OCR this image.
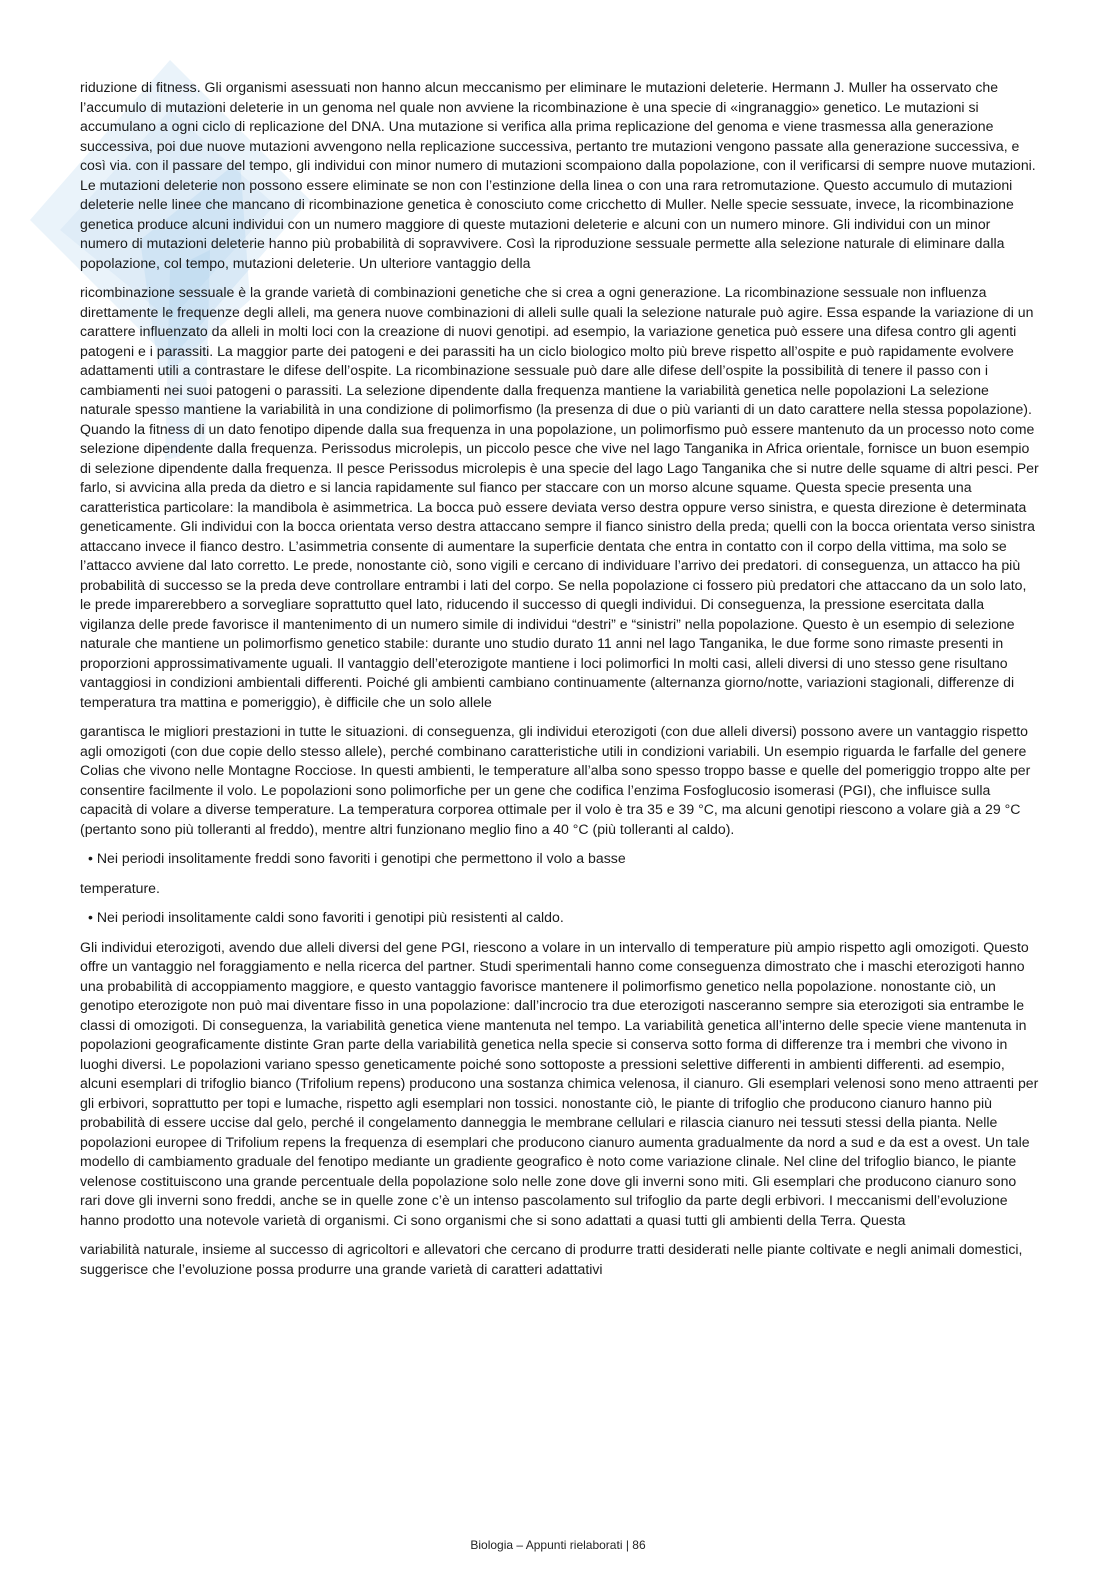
riduzione di fitness. Gli organismi asessuati non hanno alcun meccanismo per eliminare le mutazioni deleterie. Hermann J. Muller ha osservato che l’accumulo di mutazioni deleterie in un genoma nel quale non avviene la ricombinazione è una specie di «ingranaggio» genetico. Le mutazioni si accumulano a ogni ciclo di replicazione del DNA. Una mutazione si verifica alla prima replicazione del genoma e viene trasmessa alla generazione successiva, poi due nuove mutazioni avvengono nella replicazione successiva, pertanto tre mutazioni vengono passate alla generazione successiva, e così via. con il passare del tempo, gli individui con minor numero di mutazioni scompaiono dalla popolazione, con il verificarsi di sempre nuove mutazioni. Le mutazioni deleterie non possono essere eliminate se non con l’estinzione della linea o con una rara retromutazione. Questo accumulo di mutazioni deleterie nelle linee che mancano di ricombinazione genetica è conosciuto come cricchetto di Muller. Nelle specie sessuate, invece, la ricombinazione genetica produce alcuni individui con un numero maggiore di queste mutazioni deleterie e alcuni con un numero minore. Gli individui con un minor numero di mutazioni deleterie hanno più probabilità di sopravvivere. Così la riproduzione sessuale permette alla selezione naturale di eliminare dalla popolazione, col tempo, mutazioni deleterie. Un ulteriore vantaggio della

ricombinazione sessuale è la grande varietà di combinazioni genetiche che si crea a ogni generazione. La ricombinazione sessuale non influenza direttamente le frequenze degli alleli, ma genera nuove combinazioni di alleli sulle quali la selezione naturale può agire. Essa espande la variazione di un carattere influenzato da alleli in molti loci con la creazione di nuovi genotipi. ad esempio, la variazione genetica può essere una difesa contro gli agenti patogeni e i parassiti. La maggior parte dei patogeni e dei parassiti ha un ciclo biologico molto più breve rispetto all’ospite e può rapidamente evolvere adattamenti utili a contrastare le difese dell’ospite. La ricombinazione sessuale può dare alle difese dell’ospite la possibilità di tenere il passo con i cambiamenti nei suoi patogeni o parassiti. La selezione dipendente dalla frequenza mantiene la variabilità genetica nelle popolazioni La selezione naturale spesso mantiene la variabilità in una condizione di polimorfismo (la presenza di due o più varianti di un dato carattere nella stessa popolazione). Quando la fitness di un dato fenotipo dipende dalla sua frequenza in una popolazione, un polimorfismo può essere mantenuto da un processo noto come selezione dipendente dalla frequenza. Perissodus microlepis, un piccolo pesce che vive nel lago Tanganika in Africa orientale, fornisce un buon esempio di selezione dipendente dalla frequenza. Il pesce Perissodus microlepis è una specie del lago Lago Tanganika che si nutre delle squame di altri pesci. Per farlo, si avvicina alla preda da dietro e si lancia rapidamente sul fianco per staccare con un morso alcune squame. Questa specie presenta una caratteristica particolare: la mandibola è asimmetrica. La bocca può essere deviata verso destra oppure verso sinistra, e questa direzione è determinata geneticamente. Gli individui con la bocca orientata verso destra attaccano sempre il fianco sinistro della preda; quelli con la bocca orientata verso sinistra attaccano invece il fianco destro. L’asimmetria consente di aumentare la superficie dentata che entra in contatto con il corpo della vittima, ma solo se l’attacco avviene dal lato corretto. Le prede, nonostante ciò, sono vigili e cercano di individuare l’arrivo dei predatori. di conseguenza, un attacco ha più probabilità di successo se la preda deve controllare entrambi i lati del corpo. Se nella popolazione ci fossero più predatori che attaccano da un solo lato, le prede imparerebbero a sorvegliare soprattutto quel lato, riducendo il successo di quegli individui. Di conseguenza, la pressione esercitata dalla vigilanza delle prede favorisce il mantenimento di un numero simile di individui “destri” e “sinistri” nella popolazione. Questo è un esempio di selezione naturale che mantiene un polimorfismo genetico stabile: durante uno studio durato 11 anni nel lago Tanganika, le due forme sono rimaste presenti in proporzioni approssimativamente uguali. Il vantaggio dell’eterozigote mantiene i loci polimorfici In molti casi, alleli diversi di uno stesso gene risultano vantaggiosi in condizioni ambientali differenti. Poiché gli ambienti cambiano continuamente (alternanza giorno/notte, variazioni stagionali, differenze di temperatura tra mattina e pomeriggio), è difficile che un solo allele

garantisca le migliori prestazioni in tutte le situazioni. di conseguenza, gli individui eterozigoti (con due alleli diversi) possono avere un vantaggio rispetto agli omozigoti (con due copie dello stesso allele), perché combinano caratteristiche utili in condizioni variabili. Un esempio riguarda le farfalle del genere Colias che vivono nelle Montagne Rocciose. In questi ambienti, le temperature all’alba sono spesso troppo basse e quelle del pomeriggio troppo alte per consentire facilmente il volo. Le popolazioni sono polimorfiche per un gene che codifica l’enzima Fosfoglucosio isomerasi (PGI), che influisce sulla capacità di volare a diverse temperature. La temperatura corporea ottimale per il volo è tra 35 e 39 °C, ma alcuni genotipi riescono a volare già a 29 °C (pertanto sono più tolleranti al freddo), mentre altri funzionano meglio fino a 40 °C (più tolleranti al caldo).

• Nei periodi insolitamente freddi sono favoriti i genotipi che permettono il volo a basse

temperature.

• Nei periodi insolitamente caldi sono favoriti i genotipi più resistenti al caldo.

Gli individui eterozigoti, avendo due alleli diversi del gene PGI, riescono a volare in un intervallo di temperature più ampio rispetto agli omozigoti. Questo offre un vantaggio nel foraggiamento e nella ricerca del partner. Studi sperimentali hanno come conseguenza dimostrato che i maschi eterozigoti hanno una probabilità di accoppiamento maggiore, e questo vantaggio favorisce mantenere il polimorfismo genetico nella popolazione. nonostante ciò, un genotipo eterozigote non può mai diventare fisso in una popolazione: dall’incrocio tra due eterozigoti nasceranno sempre sia eterozigoti sia entrambe le classi di omozigoti. Di conseguenza, la variabilità genetica viene mantenuta nel tempo. La variabilità genetica all’interno delle specie viene mantenuta in popolazioni geograficamente distinte Gran parte della variabilità genetica nella specie si conserva sotto forma di differenze tra i membri che vivono in luoghi diversi. Le popolazioni variano spesso geneticamente poiché sono sottoposte a pressioni selettive differenti in ambienti differenti. ad esempio, alcuni esemplari di trifoglio bianco (Trifolium repens) producono una sostanza chimica velenosa, il cianuro. Gli esemplari velenosi sono meno attraenti per gli erbivori, soprattutto per topi e lumache, rispetto agli esemplari non tossici. nonostante ciò, le piante di trifoglio che producono cianuro hanno più probabilità di essere uccise dal gelo, perché il congelamento danneggia le membrane cellulari e rilascia cianuro nei tessuti stessi della pianta. Nelle popolazioni europee di Trifolium repens la frequenza di esemplari che producono cianuro aumenta gradualmente da nord a sud e da est a ovest. Un tale modello di cambiamento graduale del fenotipo mediante un gradiente geografico è noto come variazione clinale. Nel cline del trifoglio bianco, le piante velenose costituiscono una grande percentuale della popolazione solo nelle zone dove gli inverni sono miti. Gli esemplari che producono cianuro sono rari dove gli inverni sono freddi, anche se in quelle zone c’è un intenso pascolamento sul trifoglio da parte degli erbivori. I meccanismi dell’evoluzione hanno prodotto una notevole varietà di organismi. Ci sono organismi che si sono adattati a quasi tutti gli ambienti della Terra. Questa

variabilità naturale, insieme al successo di agricoltori e allevatori che cercano di produrre tratti desiderati nelle piante coltivate e negli animali domestici, suggerisce che l’evoluzione possa produrre una grande varietà di caratteri adattativi

Biologia – Appunti rielaborati | 86
